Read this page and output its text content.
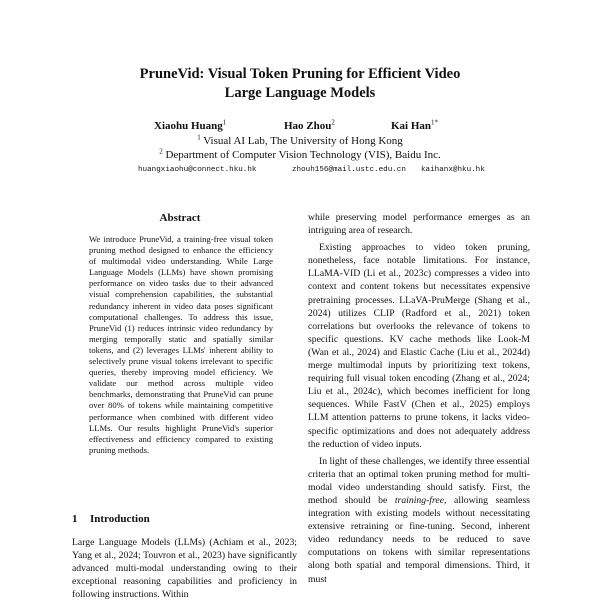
PruneVid: Visual Token Pruning for Efficient Video
Large Language Models
Xiaohu Huang$^1$	Hao Zhou$^2$	Kai Han$^{1*}$
$^1$ Visual AI Lab, The University of Hong Kong
$^2$ Department of Computer Vision Technology (VIS), Baidu Inc.
huangxiaohu@connect.hku.hk	zhouh156@mail.ustc.edu.cn kaihanx@hku.hk
Abstract

We introduce PruneVid, a training-free visual token pruning method designed to enhance the efficiency of multimodal video understanding. While Large Language Models (LLMs) have shown promising performance on video tasks due to their advanced visual comprehension capabilities, the substantial redundancy inherent in video data poses significant computational challenges. To address this issue, PruneVid (1) reduces intrinsic video redundancy by merging temporally static and spatially similar tokens, and (2) leverages LLMs' inherent ability to selectively prune visual tokens irrelevant to specific queries, thereby improving model efficiency. We validate our method across multiple video benchmarks, demonstrating that PruneVid can prune over 80% of tokens while maintaining competitive performance when combined with different video LLMs. Our results highlight PruneVid's superior effectiveness and efficiency compared to existing pruning methods.

1 Introduction

Large Language Models (LLMs) (Achiam et al., 2023; Yang et al., 2024; Touvron et al., 2023) have significantly advanced multi-modal understanding owing to their exceptional reasoning capabilities and proficiency in following instructions. Within

while preserving model performance emerges as an intriguing area of research.

Existing approaches to video token pruning, nonetheless, face notable limitations. For instance, LLaMA-VID (Li et al., 2023c) compresses a video into context and content tokens but necessitates expensive pretraining processes. LLaVA-PruMerge (Shang et al., 2024) utilizes CLIP (Radford et al., 2021) token correlations but overlooks the relevance of tokens to specific questions. KV cache methods like Look-M (Wan et al., 2024) and Elastic Cache (Liu et al., 2024d) merge multimodal inputs by prioritizing text tokens, requiring full visual token encoding (Zhang et al., 2024; Liu et al., 2024c), which becomes inefficient for long sequences. While FastV (Chen et al., 2025) employs LLM attention patterns to prune tokens, it lacks video-specific optimizations and does not adequately address the reduction of video inputs.

In light of these challenges, we identify three essential criteria that an optimal token pruning method for multi-modal video understanding should satisfy. First, the method should be training-free, allowing seamless integration with existing models without necessitating extensive retraining or fine-tuning. Second, inherent video redundancy needs to be reduced to save computations on tokens with similar representations along both spatial and temporal dimensions. Third, it must
